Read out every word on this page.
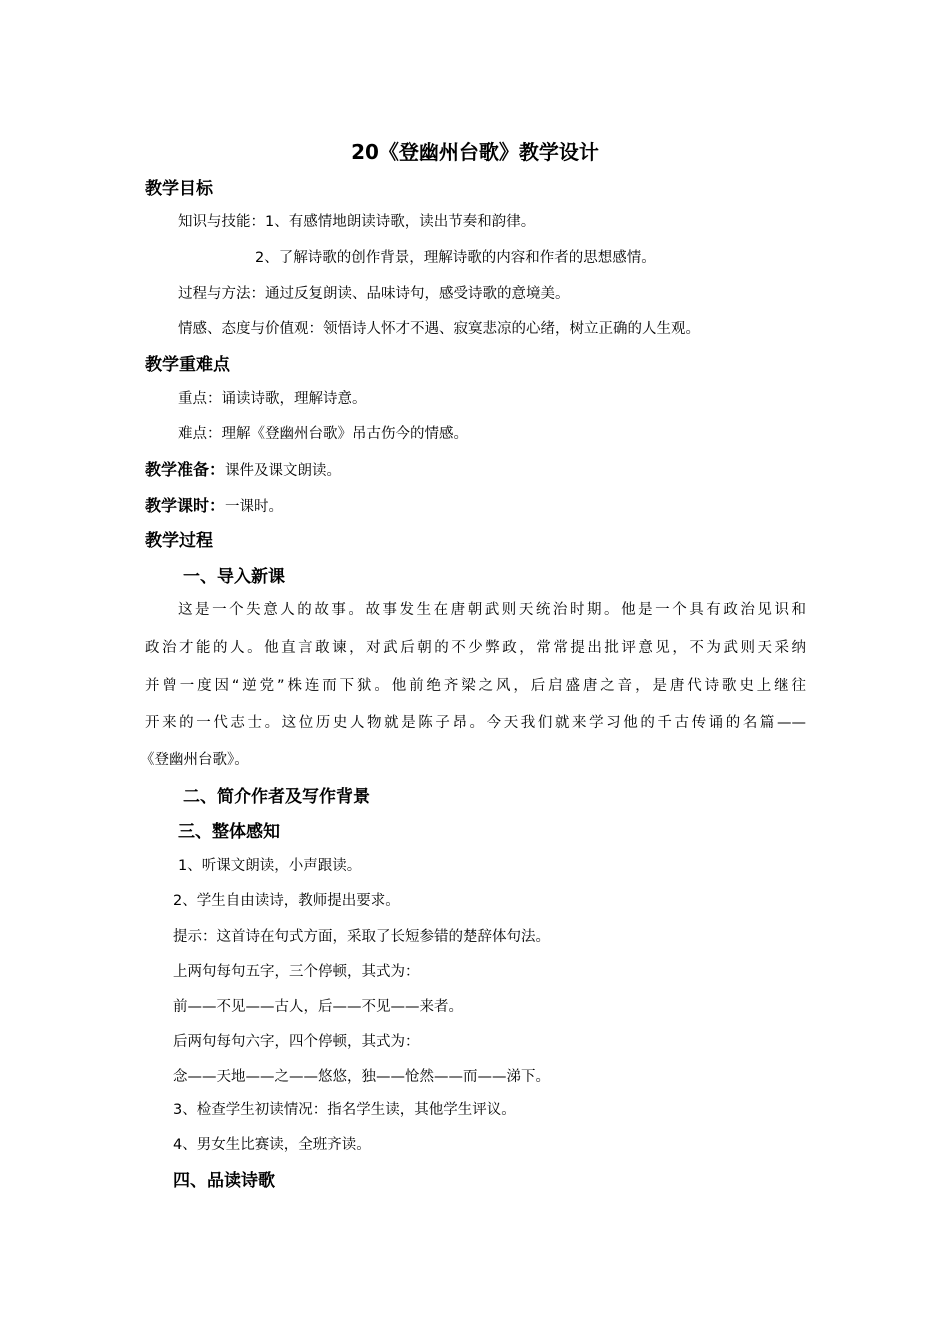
20《登幽州台歌》教学设计
教学目标
知识与技能：1、有感情地朗读诗歌，读出节奏和韵律。
2、了解诗歌的创作背景，理解诗歌的内容和作者的思想感情。
过程与方法：通过反复朗读、品味诗句，感受诗歌的意境美。
情感、态度与价值观：领悟诗人怀才不遇、寂寞悲凉的心绪，树立正确的人生观。
教学重难点
重点：诵读诗歌，理解诗意。
难点：理解《登幽州台歌》吊古伤今的情感。
教学准备：课件及课文朗读。
教学课时：一课时。
教学过程
一、导入新课
这是一个失意人的故事。故事发生在唐朝武则天统治时期。他是一个具有政治见识和
政治才能的人。他直言敢谏，对武后朝的不少弊政，常常提出批评意见，不为武则天采纳
并曾一度因“逆党”株连而下狱。他前绝齐梁之风，后启盛唐之音，是唐代诗歌史上继往
开来的一代志士。这位历史人物就是陈子昂。今天我们就来学习他的千古传诵的名篇——
《登幽州台歌》。
二、简介作者及写作背景
三、整体感知
1、听课文朗读，小声跟读。
2、学生自由读诗，教师提出要求。
提示：这首诗在句式方面，采取了长短参错的楚辞体句法。
上两句每句五字，三个停顿，其式为：
前——不见——古人，后——不见——来者。
后两句每句六字，四个停顿，其式为：
念——天地——之——悠悠，独——怆然——而——涕下。
3、检查学生初读情况：指名学生读，其他学生评议。
4、男女生比赛读，全班齐读。
四、品读诗歌
